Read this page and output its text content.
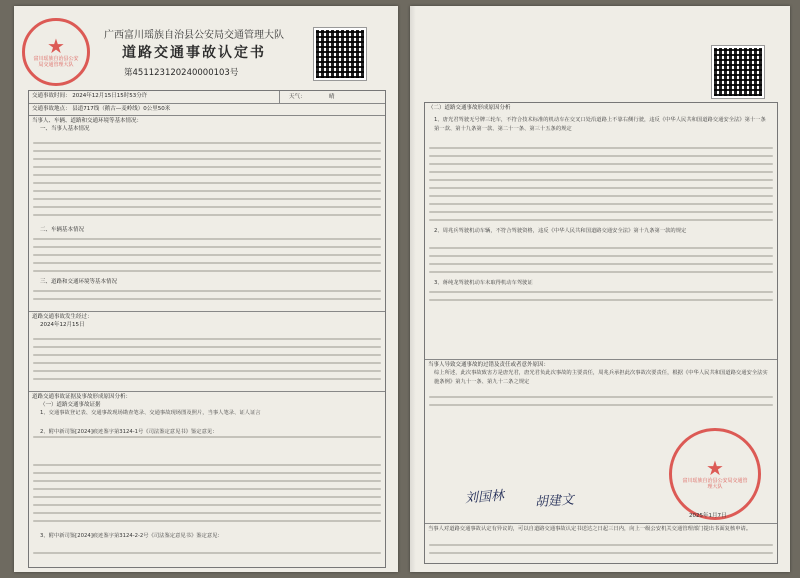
★
富川瑶族自治县公安局交通管理大队
广西富川瑶族自治县公安局交通管理大队
道路交通事故认定书
第451123120240000103号
交通事故时间： 2024年12月15日15时53分许	天气：	晴
交通事故地点： 县道717线（鹅古—麦岭线）0公里50米
当事人、车辆、道路和交通环境等基本情况：
一、当事人基本情况
二、车辆基本情况
三、道路和交通环境等基本情况
道路交通事故发生经过：
2024年12月15日
道路交通事故证据及事故形成原因分析：
（一）道路交通事故证据
1、交通事故登记表、交通事故现场勘查笔录、交通事故现场图及照片，当事人笔录、证人证言
2、附中新司鉴[2024]痕迹鉴字第3124-1号《司法鉴定意见书》鉴定意见：
3、附中新司鉴[2024]痕迹鉴字第3124-2-2号《司法鉴定意见书》鉴定意见：
（二）道路交通事故形成原因分析
1、唐光君驾驶无号牌三轮车，不符合技术标准的机动车在交叉口处沿道路上不靠右侧行驶，违反《中华人民共和国道路交通安全法》第十一条第一款、第十九条第一款、第二十一条、第三十五条的规定
2、周兆兵驾驶机动车辆，不符合驾驶资格，违反《中华人民共和国道路交通安全法》第十九条第一款的规定
3、蒋纯龙驾驶机动车未取得机动车驾驶证
当事人导致交通事故的过错及责任或者意外原因：
综上所述，此次事故致害方是唐光君，唐光君负此次事故的主要责任，周兆兵承担此次事故次要责任，根据《中华人民共和国道路交通安全法实施条例》第九十一条、第九十二条之规定
刘国林 胡建文
★
富川瑶族自治县公安局交通管理大队
2025年1月7日
当事人对道路交通事故认定有异议的，可以自道路交通事故认定书送达之日起三日内，向上一级公安机关交通管理部门提出书面复核申请。
